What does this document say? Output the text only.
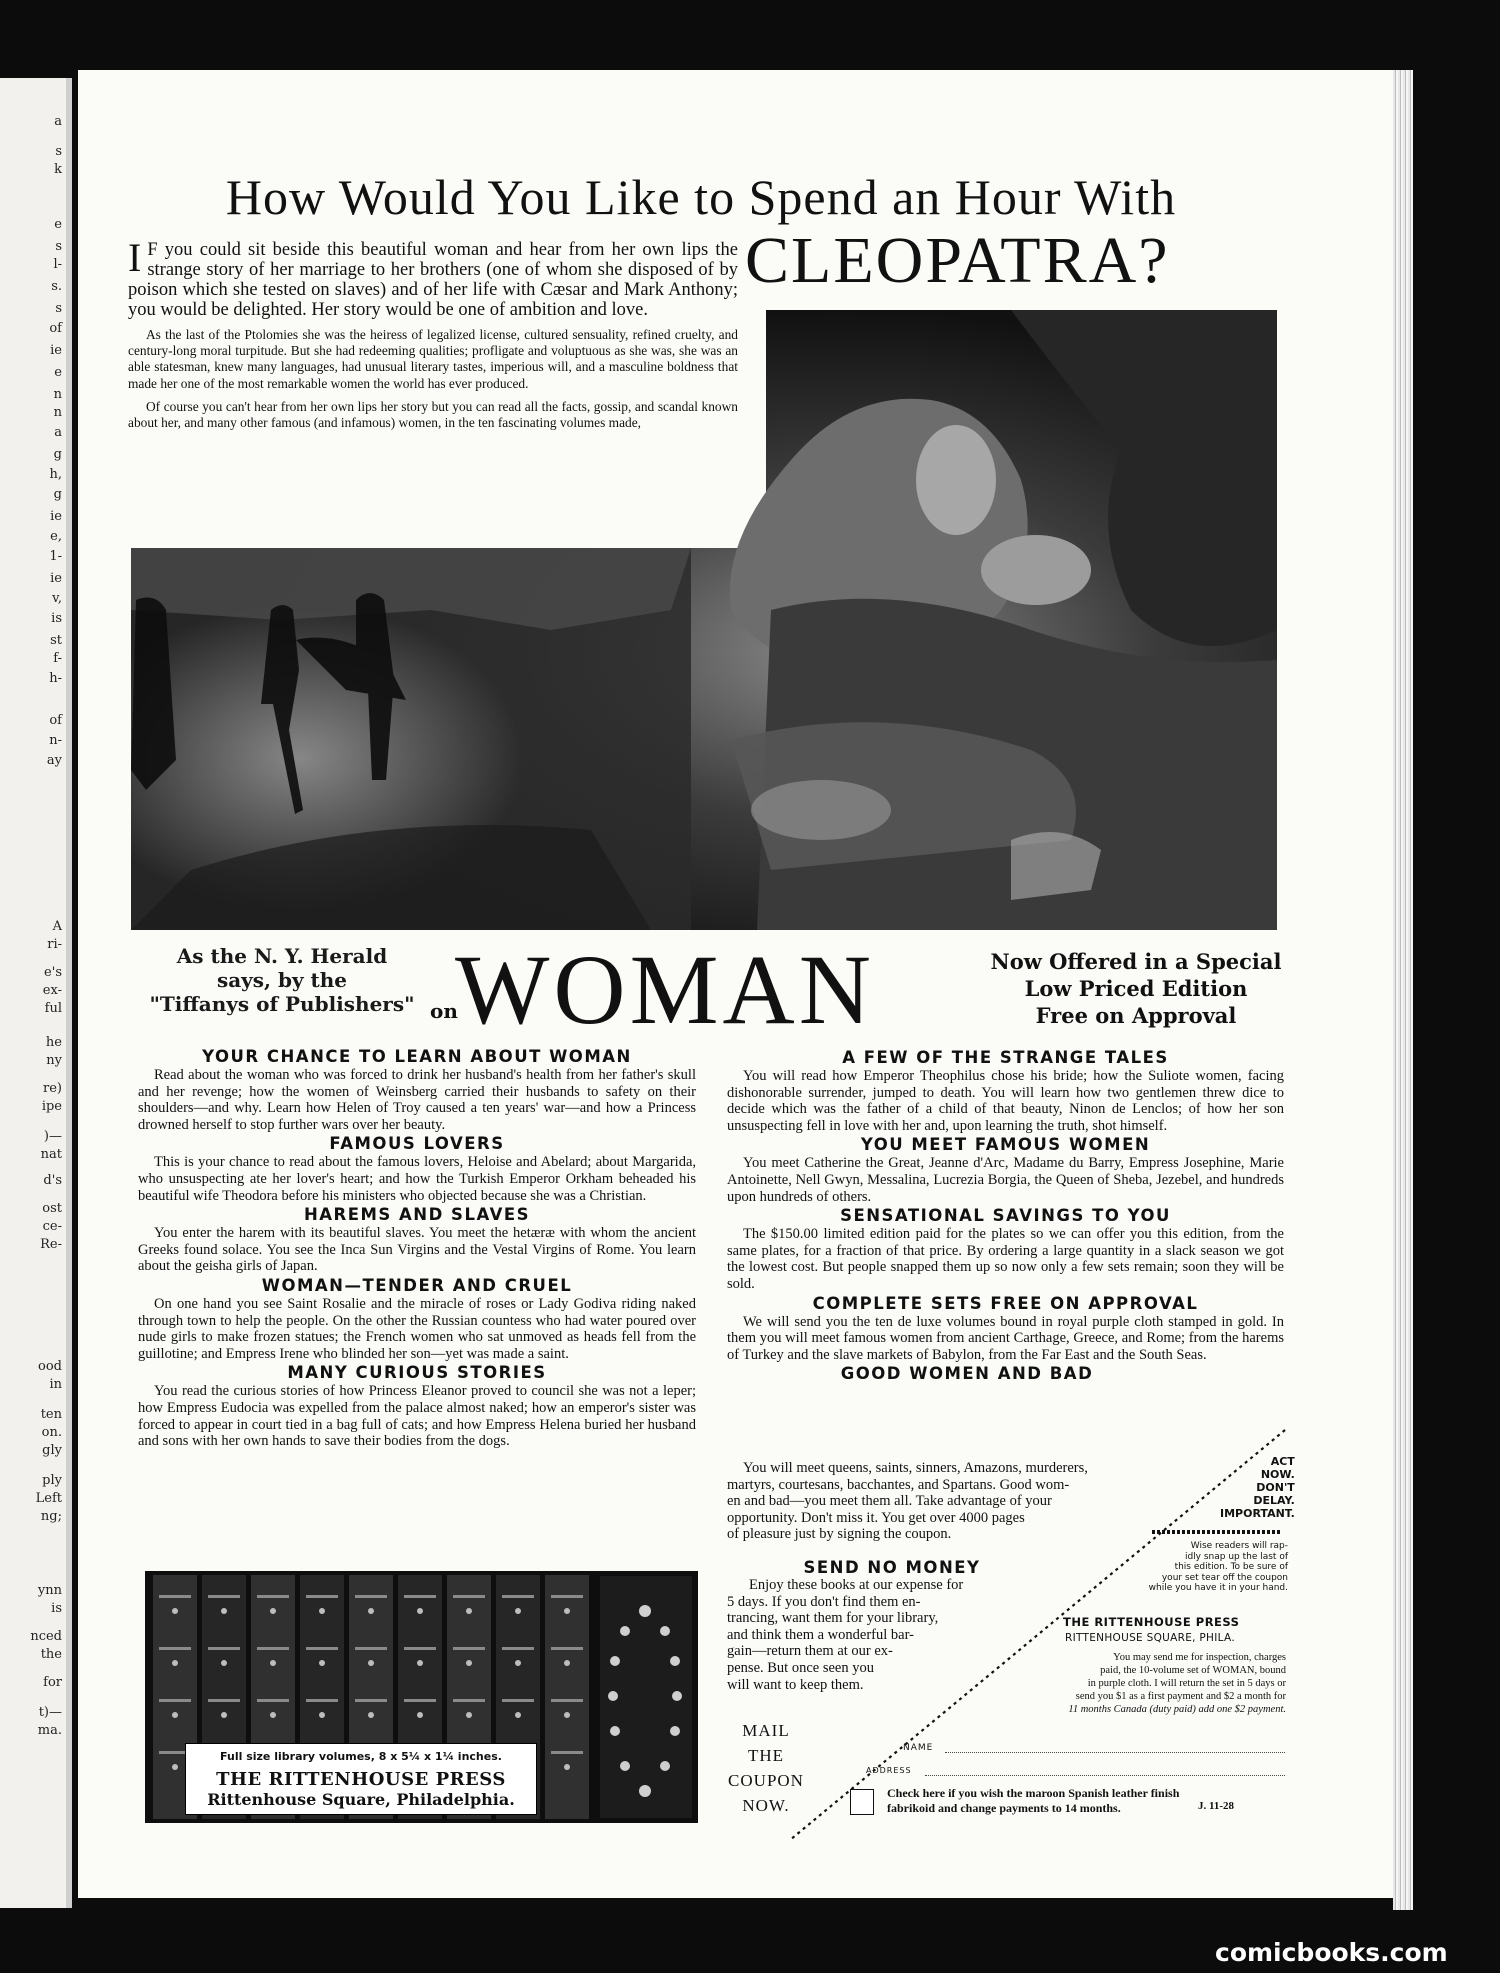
a
s
k
e
s
l-
s.
s
of
ie
e
n
n
a
g
h,
g
ie
e,
1-
ie
v,
is
st
f-
h-
of
n-
ay
A
ri-
e's
ex-
ful
he
ny
re)
ipe
)—
nat
d's
ost
ce-
Re-
ood
in
ten
on.
gly
ply
Left
ng;
ynn
is
nced
the
for
t)—
ma.
How Would You Like to Spend an Hour With
CLEOPATRA?

I F you could sit beside this beautiful woman and hear from her own lips the strange story of her marriage to her brothers (one of whom she disposed of by poison which she tested on slaves) and of her life with Cæsar and Mark Anthony; you would be delighted. Her story would be one of ambition and love.

As the last of the Ptolomies she was the heiress of legalized license, cultured sensuality, refined cruelty, and century-long moral turpitude. But she had redeeming qualities; profligate and voluptuous as she was, she was an able statesman, knew many languages, had unusual literary tastes, imperious will, and a masculine boldness that made her one of the most remarkable women the world has ever produced.

Of course you can't hear from her own lips her story but you can read all the facts, gossip, and scandal known about her, and many other famous (and infamous) women, in the ten fascinating volumes made,

As the N. Y. Herald
says, by the
"Tiffanys of Publishers" on
WOMAN	Now Offered in a Special
Low Priced Edition
Free on Approval
YOUR CHANCE TO LEARN ABOUT WOMAN

Read about the woman who was forced to drink her husband's health from her father's skull and her revenge; how the women of Weinsberg carried their husbands to safety on their shoulders—and why. Learn how Helen of Troy caused a ten years' war—and how a Princess drowned herself to stop further wars over her beauty.

FAMOUS LOVERS

This is your chance to read about the famous lovers, Heloise and Abelard; about Margarida, who unsuspecting ate her lover's heart; and how the Turkish Emperor Orkham beheaded his beautiful wife Theodora before his ministers who objected because she was a Christian.

HAREMS AND SLAVES

You enter the harem with its beautiful slaves. You meet the hetæræ with whom the ancient Greeks found solace. You see the Inca Sun Virgins and the Vestal Virgins of Rome. You learn about the geisha girls of Japan.

WOMAN—TENDER AND CRUEL

On one hand you see Saint Rosalie and the miracle of roses or Lady Godiva riding naked through town to help the people. On the other the Russian countess who had water poured over nude girls to make frozen statues; the French women who sat unmoved as heads fell from the guillotine; and Empress Irene who blinded her son—yet was made a saint.

MANY CURIOUS STORIES

You read the curious stories of how Princess Eleanor proved to council she was not a leper; how Empress Eudocia was expelled from the palace almost naked; how an emperor's sister was forced to appear in court tied in a bag full of cats; and how Empress Helena buried her husband and sons with her own hands to save their bodies from the dogs.

A FEW OF THE STRANGE TALES

You will read how Emperor Theophilus chose his bride; how the Suliote women, facing dishonorable surrender, jumped to death. You will learn how two gentlemen threw dice to decide which was the father of a child of that beauty, Ninon de Lenclos; of how her son unsuspecting fell in love with her and, upon learning the truth, shot himself.

YOU MEET FAMOUS WOMEN

You meet Catherine the Great, Jeanne d'Arc, Madame du Barry, Empress Josephine, Marie Antoinette, Nell Gwyn, Messalina, Lucrezia Borgia, the Queen of Sheba, Jezebel, and hundreds upon hundreds of others.

SENSATIONAL SAVINGS TO YOU

The $150.00 limited edition paid for the plates so we can offer you this edition, from the same plates, for a fraction of that price. By ordering a large quantity in a slack season we got the lowest cost. But people snapped them up so now only a few sets remain; soon they will be sold.

COMPLETE SETS FREE ON APPROVAL

We will send you the ten de luxe volumes bound in royal purple cloth stamped in gold. In them you will meet famous women from ancient Carthage, Greece, and Rome; from the harems of Turkey and the slave markets of Babylon, from the Far East and the South Seas.

GOOD WOMEN AND BAD
You will meet queens, saints, sinners, Amazons, murderers,
martyrs, courtesans, bacchantes, and Spartans. Good wom-
en and bad—you meet them all. Take advantage of your
opportunity. Don't miss it. You get over 4000 pages
of pleasure just by signing the coupon.
SEND NO MONEY
Enjoy these books at our expense for
5 days. If you don't find them en-
trancing, want them for your library,
and think them a wonderful bar-
gain—return them at our ex-
pense. But once seen you
will want to keep them.
MAIL
THE
COUPON
NOW.
Full size library volumes, 8 x 5¼ x 1¼ inches.
THE RITTENHOUSE PRESS
Rittenhouse Square, Philadelphia.
ACT
NOW.
DON'T
DELAY.
IMPORTANT.
Wise readers will rap-
idly snap up the last of
this edition. To be sure of
your set tear off the coupon
while you have it in your hand.
THE RITTENHOUSE PRESS
RITTENHOUSE SQUARE, PHILA.
You may send me for inspection, charges
paid, the 10-volume set of WOMAN, bound
in purple cloth. I will return the set in 5 days or
send you $1 as a first payment and $2 a month for
11 months Canada (duty paid) add one $2 payment.
NAME
ADDRESS
Check here if you wish the maroon Spanish leather finish
fabrikoid and change payments to 14 months.	J. 11-28
comicbooks.com
